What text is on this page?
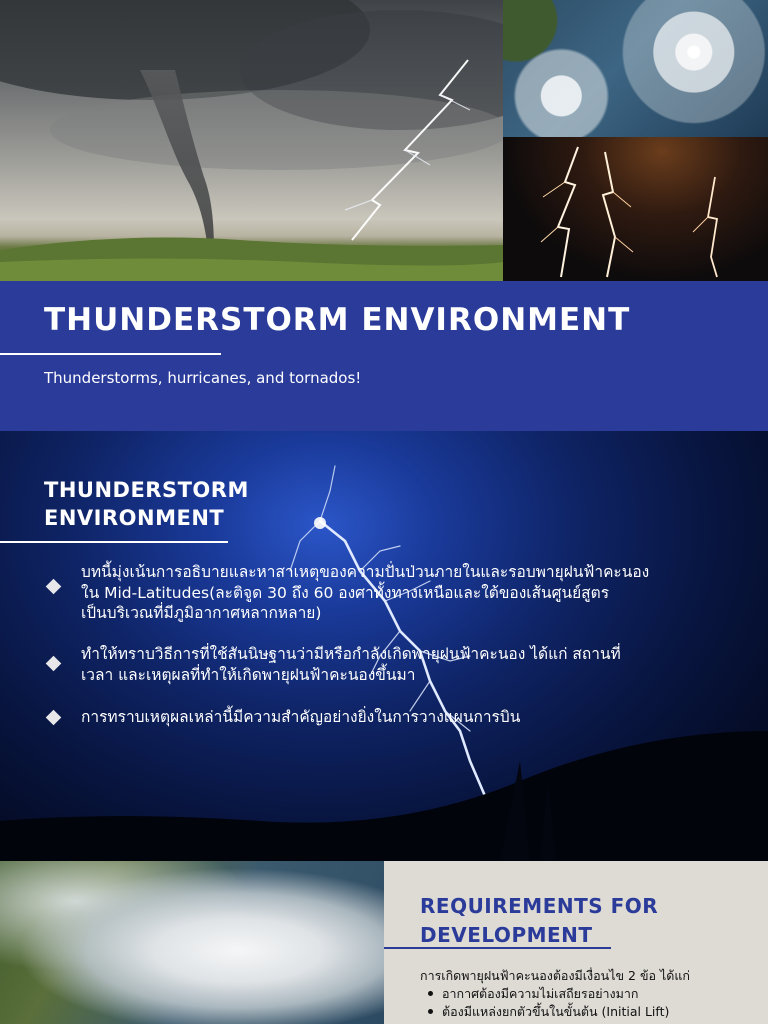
THUNDERSTORM ENVIRONMENT

Thunderstorms, hurricanes, and tornados!

THUNDERSTORM
ENVIRONMENT
บทนี้มุ่งเน้นการอธิบายและหาสาเหตุของความปั่นป่วนภายในและรอบพายุฝนฟ้าคะนอง
ใน Mid-Latitudes(ละติจูด 30 ถึง 60 องศาทั้งทางเหนือและใต้ของเส้นศูนย์สูตร
เป็นบริเวณที่มีภูมิอากาศหลากหลาย)
ทำให้ทราบวิธีการที่ใช้สันนิษฐานว่ามีหรือกำลังเกิดพายุฝนฟ้าคะนอง ได้แก่ สถานที่
เวลา และเหตุผลที่ทำให้เกิดพายุฝนฟ้าคะนองขึ้นมา
การทราบเหตุผลเหล่านี้มีความสำคัญอย่างยิ่งในการวางแผนการบิน
REQUIREMENTS FOR
DEVELOPMENT

การเกิดพายุฝนฟ้าคะนองต้องมีเงื่อนไข 2 ข้อ ได้แก่

อากาศต้องมีความไม่เสถียรอย่างมาก
ต้องมีแหล่งยกตัวขึ้นในขั้นต้น (Initial Lift)
